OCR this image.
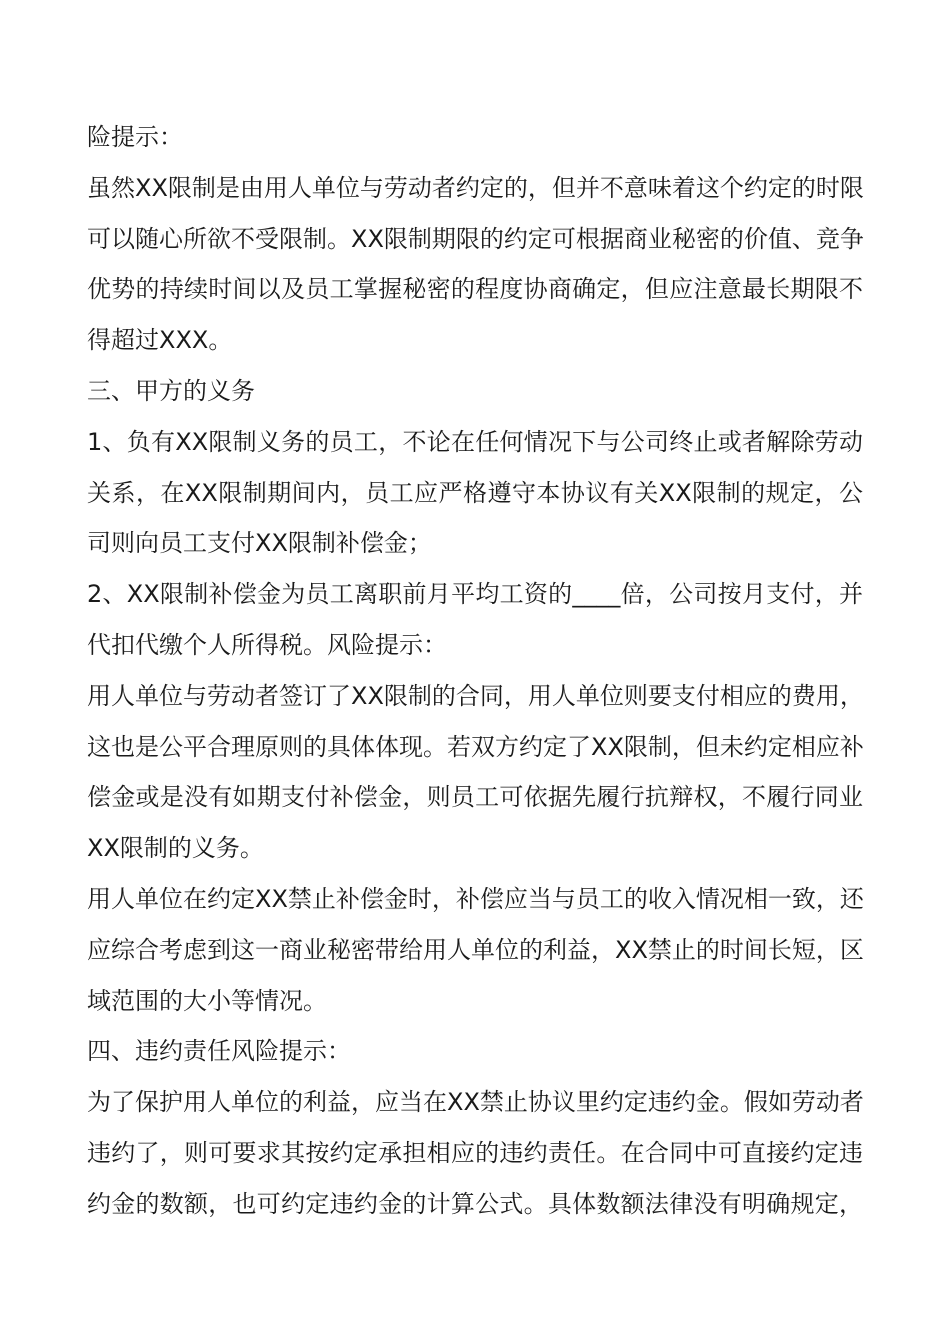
险提示：
虽然XX限制是由用人单位与劳动者约定的，但并不意味着这个约定的时限
可以随心所欲不受限制。XX限制期限的约定可根据商业秘密的价值、竞争
优势的持续时间以及员工掌握秘密的程度协商确定，但应注意最长期限不
得超过XXX。
三、甲方的义务
1、负有XX限制义务的员工，不论在任何情况下与公司终止或者解除劳动
关系，在XX限制期间内，员工应严格遵守本协议有关XX限制的规定，公
司则向员工支付XX限制补偿金；
2、XX限制补偿金为员工离职前月平均工资的____倍，公司按月支付，并
代扣代缴个人所得税。风险提示：
用人单位与劳动者签订了XX限制的合同，用人单位则要支付相应的费用，
这也是公平合理原则的具体体现。若双方约定了XX限制，但未约定相应补
偿金或是没有如期支付补偿金，则员工可依据先履行抗辩权，不履行同业
XX限制的义务。
用人单位在约定XX禁止补偿金时，补偿应当与员工的收入情况相一致，还
应综合考虑到这一商业秘密带给用人单位的利益，XX禁止的时间长短，区
域范围的大小等情况。
四、违约责任风险提示：
为了保护用人单位的利益，应当在XX禁止协议里约定违约金。假如劳动者
违约了，则可要求其按约定承担相应的违约责任。在合同中可直接约定违
约金的数额，也可约定违约金的计算公式。具体数额法律没有明确规定，
